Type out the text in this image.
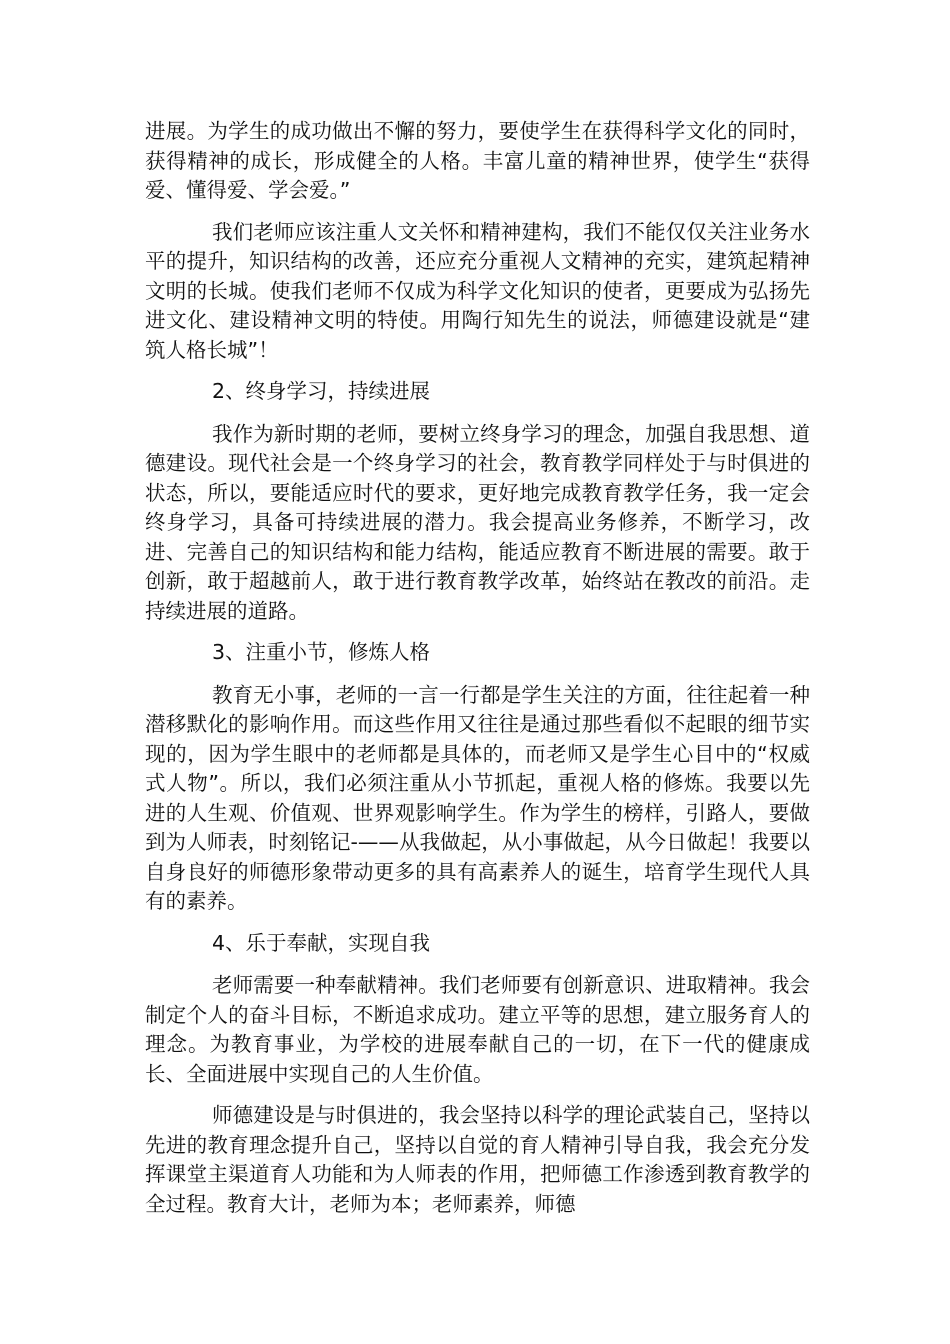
进展。为学生的成功做出不懈的努力，要使学生在获得科学文化的同时，获得精神的成长，形成健全的人格。丰富儿童的精神世界，使学生“获得爱、懂得爱、学会爱。”

我们老师应该注重人文关怀和精神建构，我们不能仅仅关注业务水平的提升，知识结构的改善，还应充分重视人文精神的充实，建筑起精神文明的长城。使我们老师不仅成为科学文化知识的使者，更要成为弘扬先进文化、建设精神文明的特使。用陶行知先生的说法，师德建设就是“建筑人格长城”！

2、终身学习，持续进展

我作为新时期的老师，要树立终身学习的理念，加强自我思想、道德建设。现代社会是一个终身学习的社会，教育教学同样处于与时俱进的状态，所以，要能适应时代的要求，更好地完成教育教学任务，我一定会终身学习，具备可持续进展的潜力。我会提高业务修养，不断学习，改进、完善自己的知识结构和能力结构，能适应教育不断进展的需要。敢于创新，敢于超越前人，敢于进行教育教学改革，始终站在教改的前沿。走持续进展的道路。

3、注重小节，修炼人格

教育无小事，老师的一言一行都是学生关注的方面，往往起着一种潜移默化的影响作用。而这些作用又往往是通过那些看似不起眼的细节实现的，因为学生眼中的老师都是具体的，而老师又是学生心目中的“权威式人物”。所以，我们必须注重从小节抓起，重视人格的修炼。我要以先进的人生观、价值观、世界观影响学生。作为学生的榜样，引路人，要做到为人师表，时刻铭记-——从我做起，从小事做起，从今日做起！我要以自身良好的师德形象带动更多的具有高素养人的诞生，培育学生现代人具有的素养。

4、乐于奉献，实现自我

老师需要一种奉献精神。我们老师要有创新意识、进取精神。我会制定个人的奋斗目标，不断追求成功。建立平等的思想，建立服务育人的理念。为教育事业，为学校的进展奉献自己的一切，在下一代的健康成长、全面进展中实现自己的人生价值。

师德建设是与时俱进的，我会坚持以科学的理论武装自己，坚持以先进的教育理念提升自己，坚持以自觉的育人精神引导自我，我会充分发挥课堂主渠道育人功能和为人师表的作用，把师德工作渗透到教育教学的全过程。教育大计，老师为本；老师素养，师德
